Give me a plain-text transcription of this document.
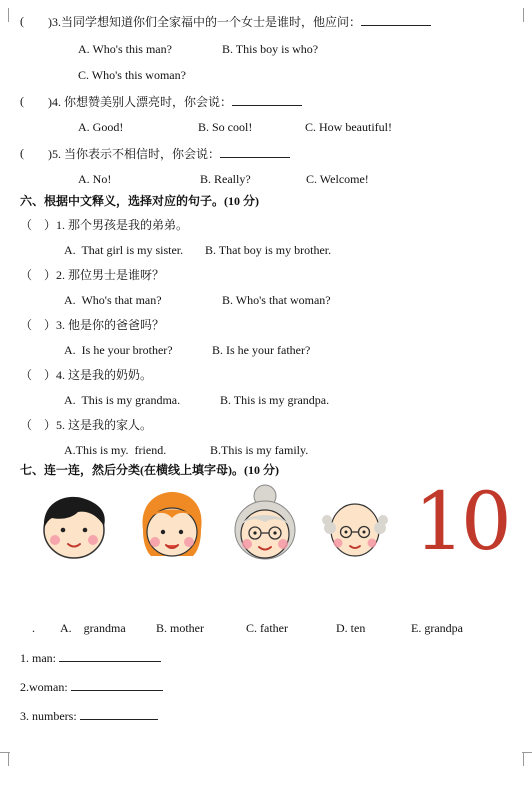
( )3.当同学想知道你们全家福中的一个女士是谁时，他应问：
A. Who's this man?	B. This boy is who?
C. Who's this woman?
( )4. 你想赞美别人漂亮时，你会说：
A. Good!	B. So cool!	C. How beautiful!
( )5. 当你表示不相信时，你会说：
A. No!	B. Really?	C. Welcome!
六、根据中文释义，选择对应的句子。(10 分)
（    ）1. 那个男孩是我的弟弟。
A.  That girl is my sister. B. That boy is my brother.
（    ）2. 那位男士是谁呀？
A.  Who's that man?	B. Who's that woman?
（    ）3. 他是你的爸爸吗？
A.  Is he your brother?	B. Is he your father?
（    ）4. 这是我的奶奶。
A.  This is my grandma.	B. This is my grandpa.
（    ）5. 这是我的家人。
A.This is my.  friend.	B.This is my family.
七、连一连，然后分类(在横线上填字母)。(10 分)
10
. A.    grandma	B. mother	C. father	D. ten	E. grandpa
1. man:
2.woman:
3. numbers:
